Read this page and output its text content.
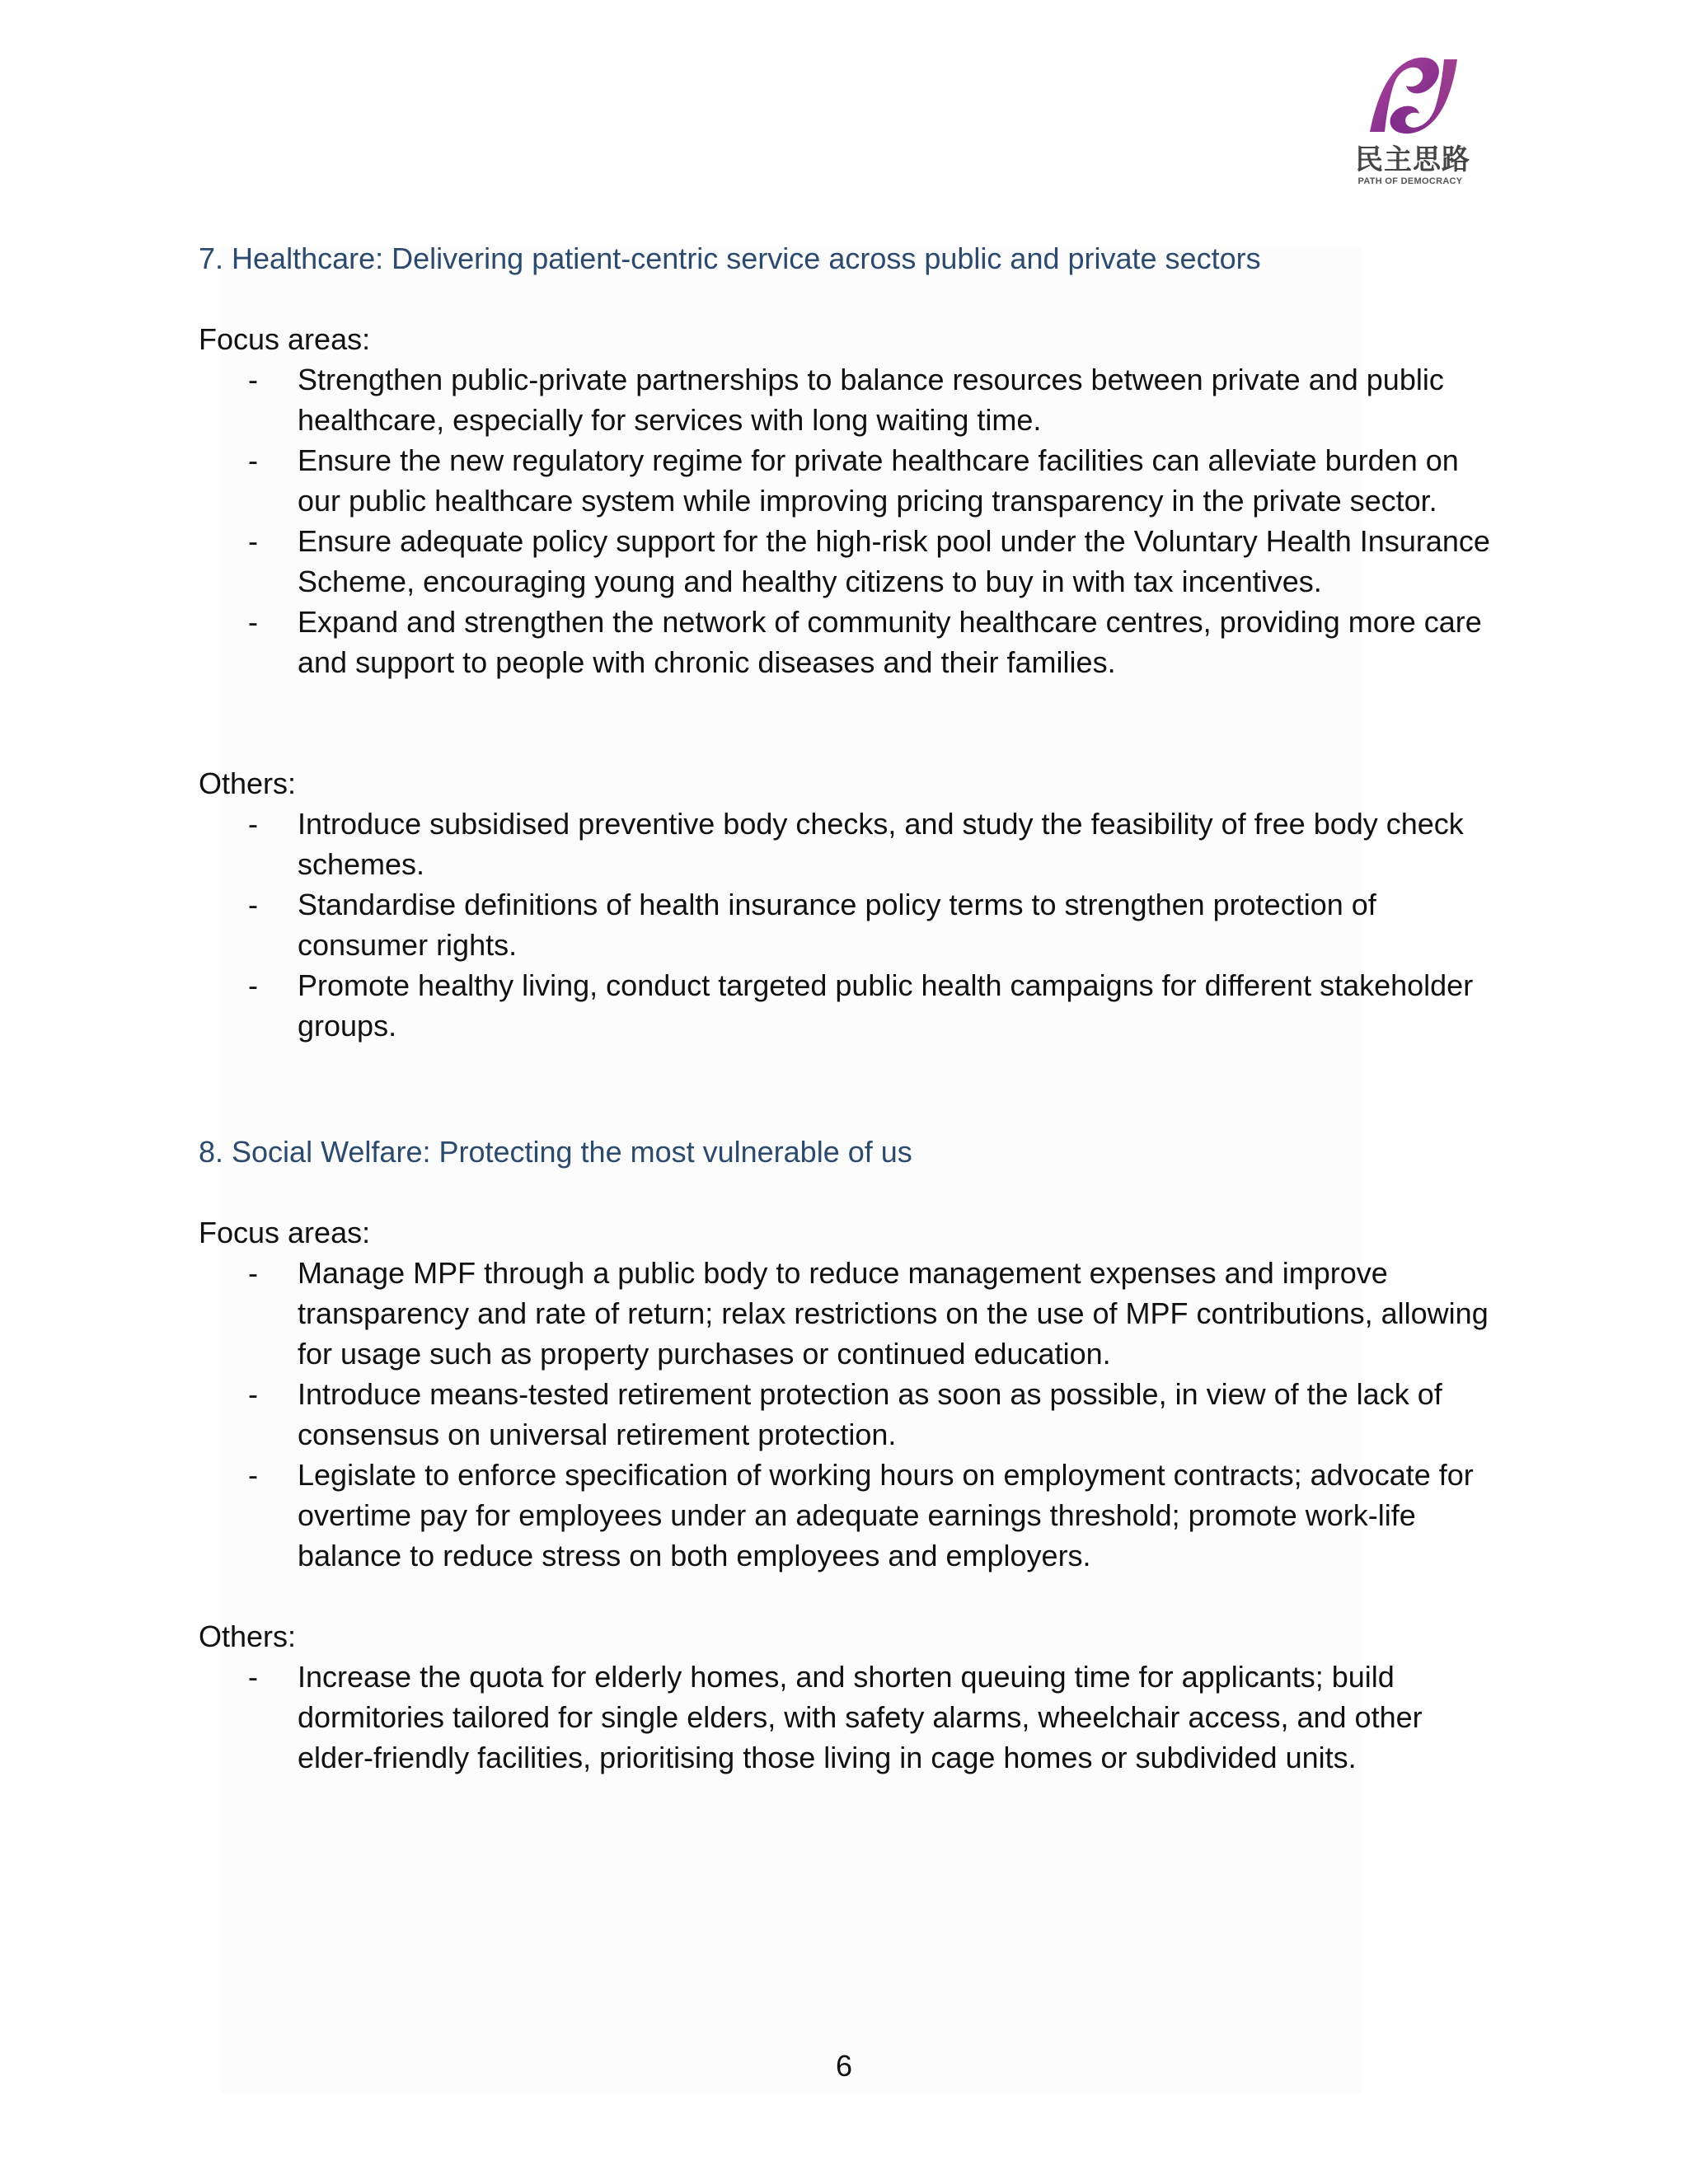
民主思路
PATH OF DEMOCRACY
7. Healthcare: Delivering patient-centric service across public and private sectors
Focus areas:
- Strengthen public-private partnerships to balance resources between private and public healthcare, especially for services with long waiting time.
- Ensure the new regulatory regime for private healthcare facilities can alleviate burden on our public healthcare system while improving pricing transparency in the private sector.
- Ensure adequate policy support for the high-risk pool under the Voluntary Health Insurance Scheme, encouraging young and healthy citizens to buy in with tax incentives.
- Expand and strengthen the network of community healthcare centres, providing more care and support to people with chronic diseases and their families.
Others:
- Introduce subsidised preventive body checks, and study the feasibility of free body check schemes.
- Standardise definitions of health insurance policy terms to strengthen protection of consumer rights.
- Promote healthy living, conduct targeted public health campaigns for different stakeholder groups.
8. Social Welfare: Protecting the most vulnerable of us
Focus areas:
- Manage MPF through a public body to reduce management expenses and improve transparency and rate of return; relax restrictions on the use of MPF contributions, allowing for usage such as property purchases or continued education.
- Introduce means-tested retirement protection as soon as possible, in view of the lack of consensus on universal retirement protection.
- Legislate to enforce specification of working hours on employment contracts; advocate for overtime pay for employees under an adequate earnings threshold; promote work-life balance to reduce stress on both employees and employers.
Others:
- Increase the quota for elderly homes, and shorten queuing time for applicants; build dormitories tailored for single elders, with safety alarms, wheelchair access, and other elder-friendly facilities, prioritising those living in cage homes or subdivided units.
6
